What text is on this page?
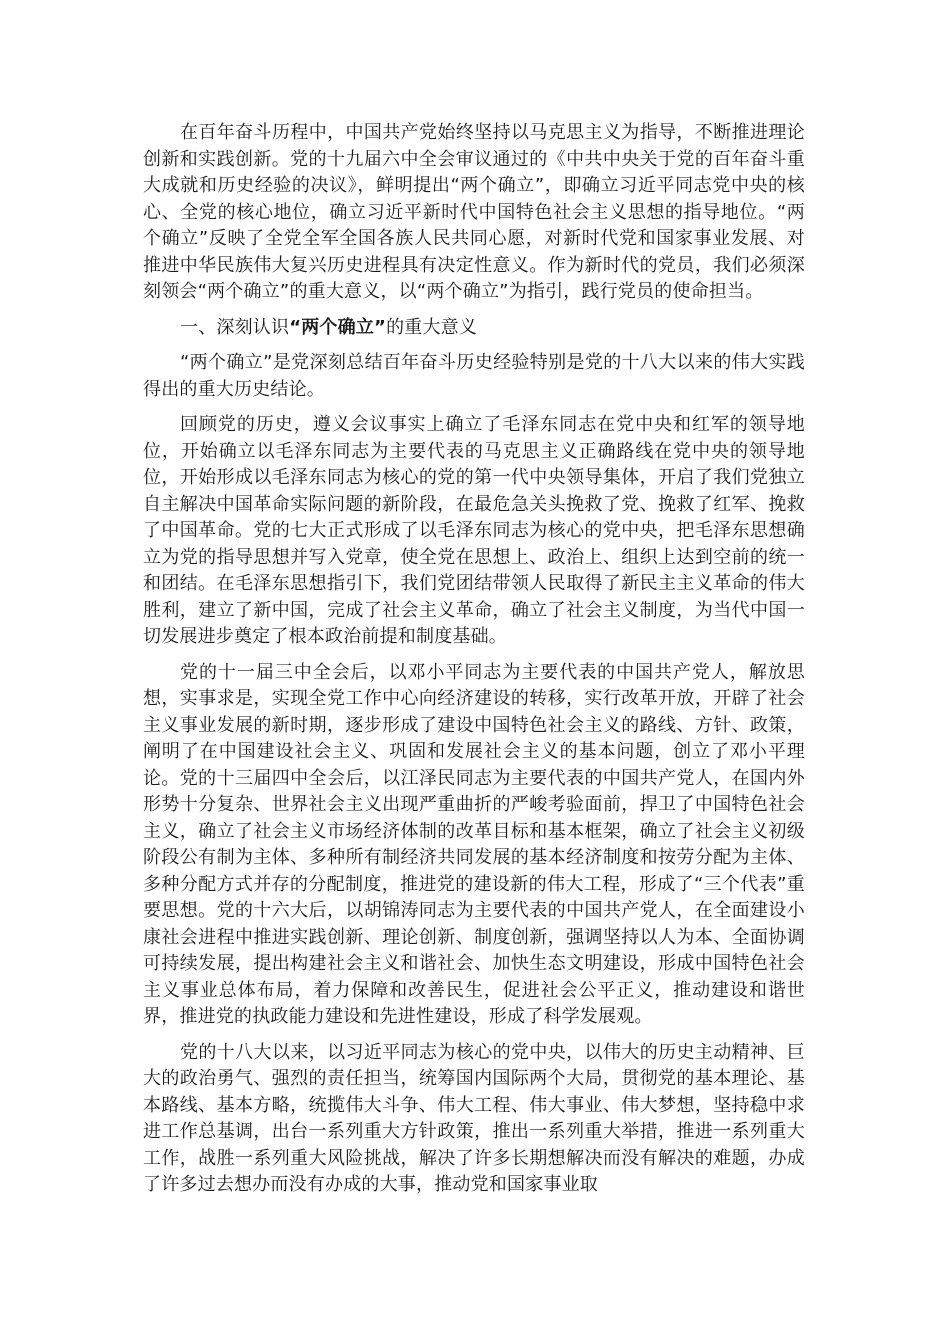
在百年奋斗历程中，中国共产党始终坚持以马克思主义为指导，不断推进理论创新和实践创新。党的十九届六中全会审议通过的《中共中央关于党的百年奋斗重大成就和历史经验的决议》，鲜明提出“两个确立”，即确立习近平同志党中央的核心、全党的核心地位，确立习近平新时代中国特色社会主义思想的指导地位。“两个确立”反映了全党全军全国各族人民共同心愿，对新时代党和国家事业发展、对推进中华民族伟大复兴历史进程具有决定性意义。作为新时代的党员，我们必须深刻领会“两个确立”的重大意义，以“两个确立”为指引，践行党员的使命担当。

一、深刻认识“两个确立”的重大意义

“两个确立”是党深刻总结百年奋斗历史经验特别是党的十八大以来的伟大实践得出的重大历史结论。

回顾党的历史，遵义会议事实上确立了毛泽东同志在党中央和红军的领导地位，开始确立以毛泽东同志为主要代表的马克思主义正确路线在党中央的领导地位，开始形成以毛泽东同志为核心的党的第一代中央领导集体，开启了我们党独立自主解决中国革命实际问题的新阶段，在最危急关头挽救了党、挽救了红军、挽救了中国革命。党的七大正式形成了以毛泽东同志为核心的党中央，把毛泽东思想确立为党的指导思想并写入党章，使全党在思想上、政治上、组织上达到空前的统一和团结。在毛泽东思想指引下，我们党团结带领人民取得了新民主主义革命的伟大胜利，建立了新中国，完成了社会主义革命，确立了社会主义制度，为当代中国一切发展进步奠定了根本政治前提和制度基础。

党的十一届三中全会后，以邓小平同志为主要代表的中国共产党人，解放思想，实事求是，实现全党工作中心向经济建设的转移，实行改革开放，开辟了社会主义事业发展的新时期，逐步形成了建设中国特色社会主义的路线、方针、政策，阐明了在中国建设社会主义、巩固和发展社会主义的基本问题，创立了邓小平理论。党的十三届四中全会后，以江泽民同志为主要代表的中国共产党人，在国内外形势十分复杂、世界社会主义出现严重曲折的严峻考验面前，捍卫了中国特色社会主义，确立了社会主义市场经济体制的改革目标和基本框架，确立了社会主义初级阶段公有制为主体、多种所有制经济共同发展的基本经济制度和按劳分配为主体、多种分配方式并存的分配制度，推进党的建设新的伟大工程，形成了“三个代表”重要思想。党的十六大后，以胡锦涛同志为主要代表的中国共产党人，在全面建设小康社会进程中推进实践创新、理论创新、制度创新，强调坚持以人为本、全面协调可持续发展，提出构建社会主义和谐社会、加快生态文明建设，形成中国特色社会主义事业总体布局，着力保障和改善民生，促进社会公平正义，推动建设和谐世界，推进党的执政能力建设和先进性建设，形成了科学发展观。

党的十八大以来，以习近平同志为核心的党中央，以伟大的历史主动精神、巨大的政治勇气、强烈的责任担当，统筹国内国际两个大局，贯彻党的基本理论、基本路线、基本方略，统揽伟大斗争、伟大工程、伟大事业、伟大梦想，坚持稳中求进工作总基调，出台一系列重大方针政策，推出一系列重大举措，推进一系列重大工作，战胜一系列重大风险挑战，解决了许多长期想解决而没有解决的难题，办成了许多过去想办而没有办成的大事，推动党和国家事业取
